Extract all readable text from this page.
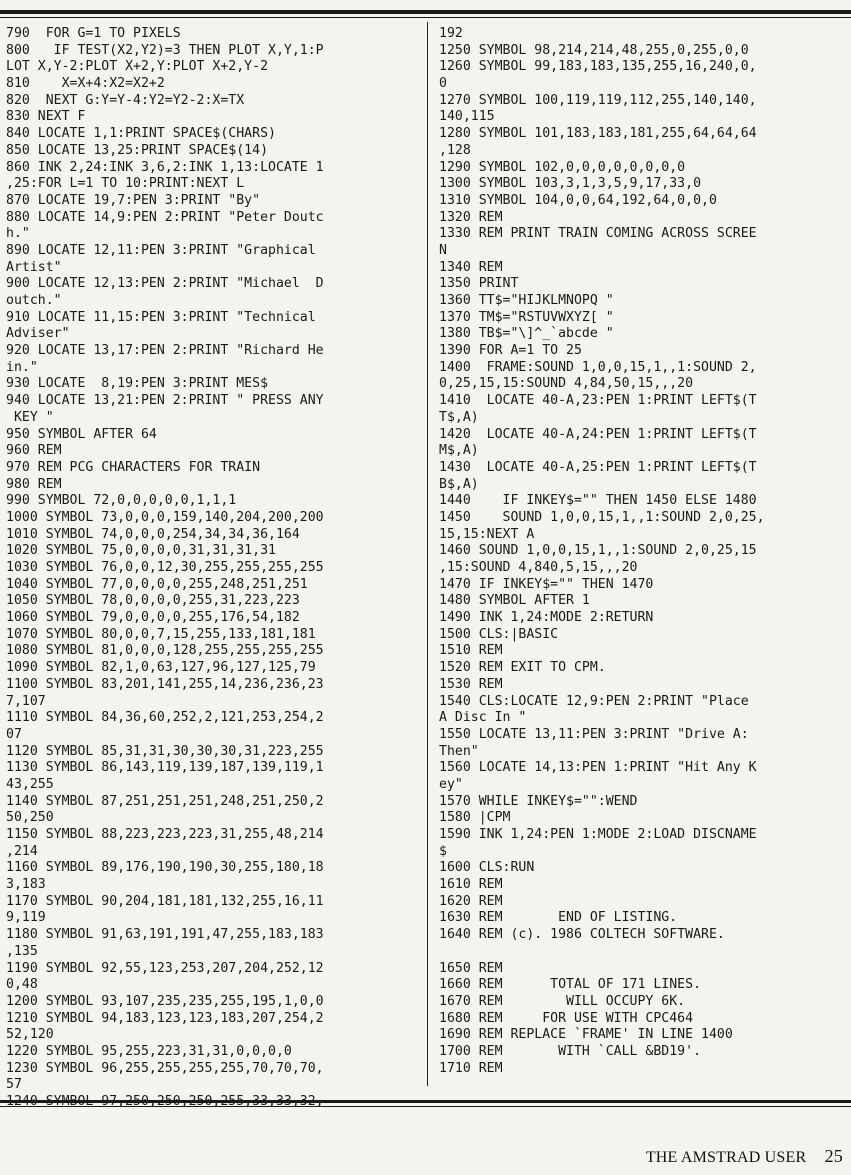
790  FOR G=1 TO PIXELS
800   IF TEST(X2,Y2)=3 THEN PLOT X,Y,1:P
LOT X,Y-2:PLOT X+2,Y:PLOT X+2,Y-2
810    X=X+4:X2=X2+2
820  NEXT G:Y=Y-4:Y2=Y2-2:X=TX
830 NEXT F
840 LOCATE 1,1:PRINT SPACE$(CHARS)
850 LOCATE 13,25:PRINT SPACE$(14)
860 INK 2,24:INK 3,6,2:INK 1,13:LOCATE 1
,25:FOR L=1 TO 10:PRINT:NEXT L
870 LOCATE 19,7:PEN 3:PRINT "By"
880 LOCATE 14,9:PEN 2:PRINT "Peter Doutc
h."
890 LOCATE 12,11:PEN 3:PRINT "Graphical
Artist"
900 LOCATE 12,13:PEN 2:PRINT "Michael  D
outch."
910 LOCATE 11,15:PEN 3:PRINT "Technical
Adviser"
920 LOCATE 13,17:PEN 2:PRINT "Richard He
in."
930 LOCATE  8,19:PEN 3:PRINT MES$
940 LOCATE 13,21:PEN 2:PRINT " PRESS ANY
KEY "
950 SYMBOL AFTER 64
960 REM
970 REM PCG CHARACTERS FOR TRAIN
980 REM
990 SYMBOL 72,0,0,0,0,0,1,1,1
1000 SYMBOL 73,0,0,0,159,140,204,200,200
1010 SYMBOL 74,0,0,0,254,34,34,36,164
1020 SYMBOL 75,0,0,0,0,31,31,31,31
1030 SYMBOL 76,0,0,12,30,255,255,255,255
1040 SYMBOL 77,0,0,0,0,255,248,251,251
1050 SYMBOL 78,0,0,0,0,255,31,223,223
1060 SYMBOL 79,0,0,0,0,255,176,54,182
1070 SYMBOL 80,0,0,7,15,255,133,181,181
1080 SYMBOL 81,0,0,0,128,255,255,255,255
1090 SYMBOL 82,1,0,63,127,96,127,125,79
1100 SYMBOL 83,201,141,255,14,236,236,23
7,107
1110 SYMBOL 84,36,60,252,2,121,253,254,2
07
1120 SYMBOL 85,31,31,30,30,30,31,223,255
1130 SYMBOL 86,143,119,139,187,139,119,1
43,255
1140 SYMBOL 87,251,251,251,248,251,250,2
50,250
1150 SYMBOL 88,223,223,223,31,255,48,214
,214
1160 SYMBOL 89,176,190,190,30,255,180,18
3,183
1170 SYMBOL 90,204,181,181,132,255,16,11
9,119
1180 SYMBOL 91,63,191,191,47,255,183,183
,135
1190 SYMBOL 92,55,123,253,207,204,252,12
0,48
1200 SYMBOL 93,107,235,235,255,195,1,0,0
1210 SYMBOL 94,183,123,123,183,207,254,2
52,120
1220 SYMBOL 95,255,223,31,31,0,0,0,0
1230 SYMBOL 96,255,255,255,255,70,70,70,
57
192
1250 SYMBOL 98,214,214,48,255,0,255,0,0
1260 SYMBOL 99,183,183,135,255,16,240,0,
0
1270 SYMBOL 100,119,119,112,255,140,140,
140,115
1280 SYMBOL 101,183,183,181,255,64,64,64
,128
1290 SYMBOL 102,0,0,0,0,0,0,0,0
1300 SYMBOL 103,3,1,3,5,9,17,33,0
1310 SYMBOL 104,0,0,64,192,64,0,0,0
1320 REM
1330 REM PRINT TRAIN COMING ACROSS SCREE
N
1340 REM
1350 PRINT
1360 TT$="HIJKLMNOPQ "
1370 TM$="RSTUVWXYZ[ "
1380 TB$="\]^_`abcde "
1390 FOR A=1 TO 25
1400  FRAME:SOUND 1,0,0,15,1,,1:SOUND 2,
0,25,15,15:SOUND 4,84,50,15,,,20
1410  LOCATE 40-A,23:PEN 1:PRINT LEFT$(T
T$,A)
1420  LOCATE 40-A,24:PEN 1:PRINT LEFT$(T
M$,A)
1430  LOCATE 40-A,25:PEN 1:PRINT LEFT$(T
B$,A)
1440    IF INKEY$="" THEN 1450 ELSE 1480
1450    SOUND 1,0,0,15,1,,1:SOUND 2,0,25,
15,15:NEXT A
1460 SOUND 1,0,0,15,1,,1:SOUND 2,0,25,15
,15:SOUND 4,840,5,15,,,20
1470 IF INKEY$="" THEN 1470
1480 SYMBOL AFTER 1
1490 INK 1,24:MODE 2:RETURN
1500 CLS:|BASIC
1510 REM
1520 REM EXIT TO CPM.
1530 REM
1540 CLS:LOCATE 12,9:PEN 2:PRINT "Place
A Disc In "
1550 LOCATE 13,11:PEN 3:PRINT "Drive A:
Then"
1560 LOCATE 14,13:PEN 1:PRINT "Hit Any K
ey"
1570 WHILE INKEY$="":WEND
1580 |CPM
1590 INK 1,24:PEN 1:MODE 2:LOAD DISCNAME
$
1600 CLS:RUN
1610 REM
1620 REM
1630 REM       END OF LISTING.
1640 REM (c). 1986 COLTECH SOFTWARE.
1650 REM
1660 REM      TOTAL OF 171 LINES.
1670 REM        WILL OCCUPY 6K.
1680 REM     FOR USE WITH CPC464
1690 REM REPLACE `FRAME' IN LINE 1400
1700 REM       WITH `CALL &BD19'.
1710 REM
THE AMSTRAD USER 25
